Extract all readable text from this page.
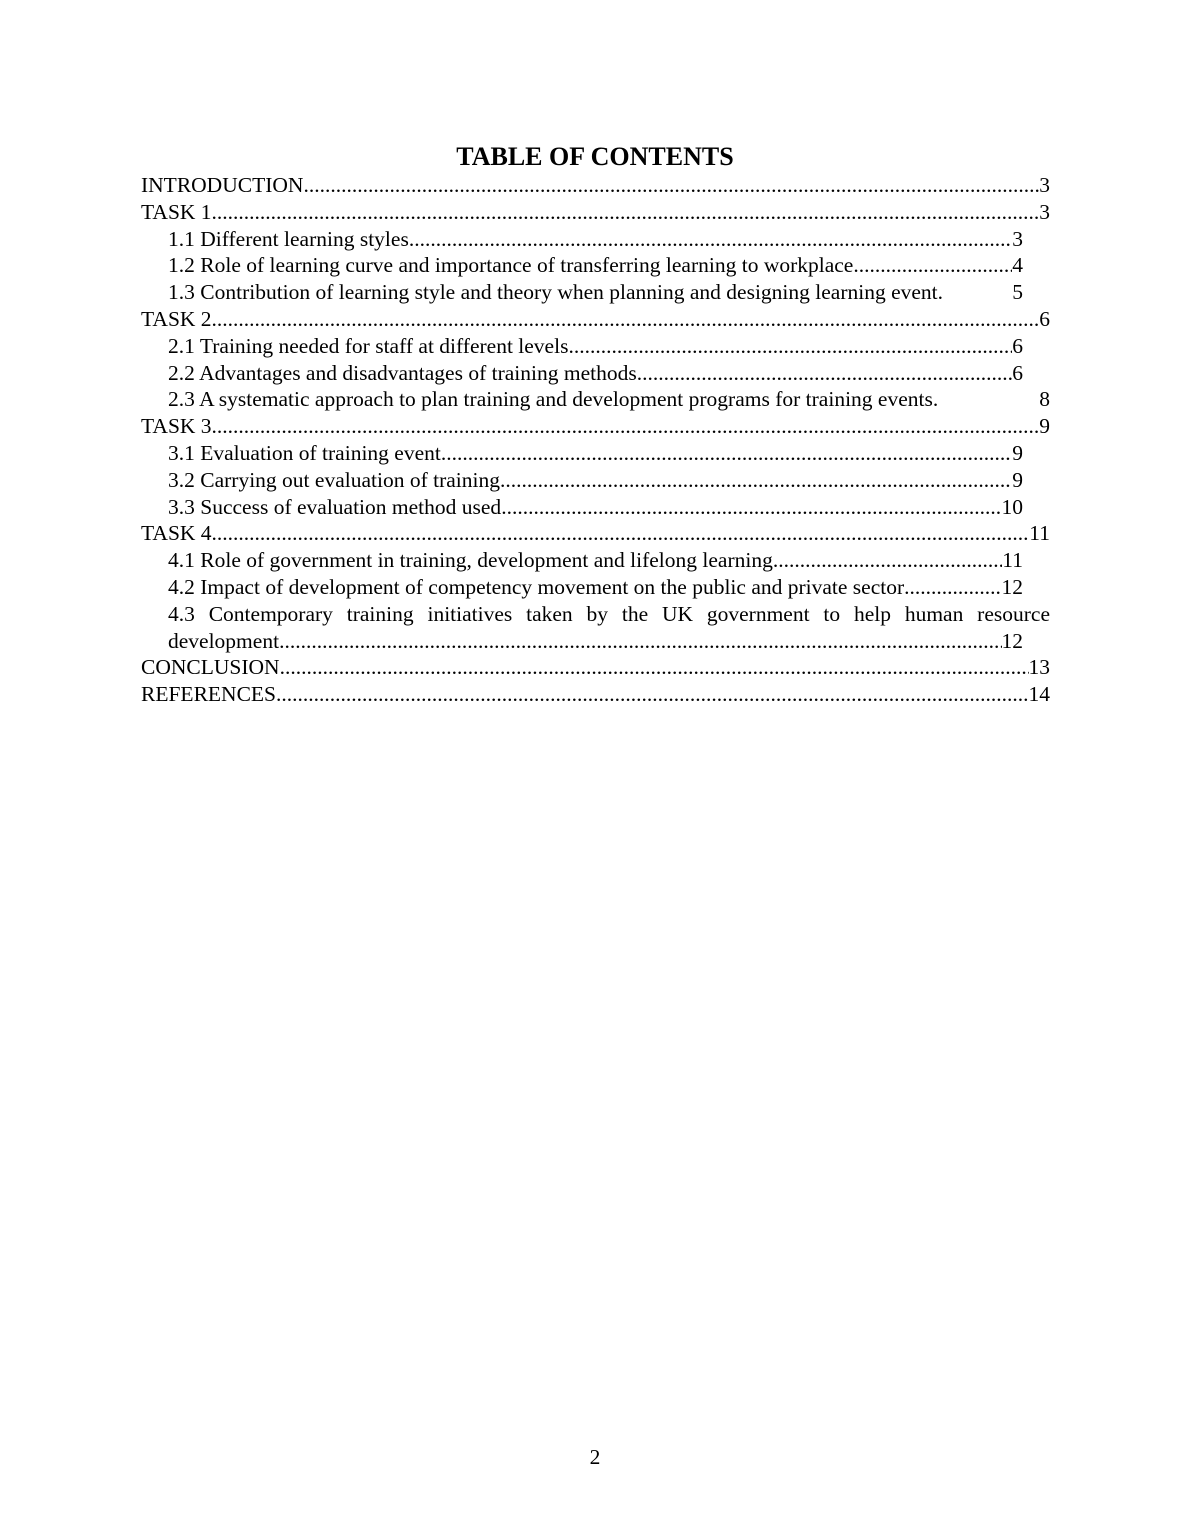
TABLE OF CONTENTS
INTRODUCTION .....	3
TASK 1 .....	3
1.1 Different learning styles .....	3
1.2 Role of learning curve and importance of transferring learning to workplace .....	4
1.3 Contribution of learning style and theory when planning and designing learning event.	5
TASK 2 .....	6
2.1 Training needed for staff at different levels .....	6
2.2 Advantages and disadvantages of training methods .....	6
2.3 A systematic approach to plan training and development programs for training events.	8
TASK 3 .....	9
3.1 Evaluation of training event .....	9
3.2 Carrying out evaluation of training .....	9
3.3 Success of evaluation method used .....	10
TASK 4 .....	11
4.1 Role of government in training, development and lifelong learning .....	11
4.2 Impact of development of competency movement on the public and private sector .....	12
4.3 Contemporary training initiatives taken by the UK government to help human resource
development .....	12
CONCLUSION .....	13
REFERENCES .....	14
2
